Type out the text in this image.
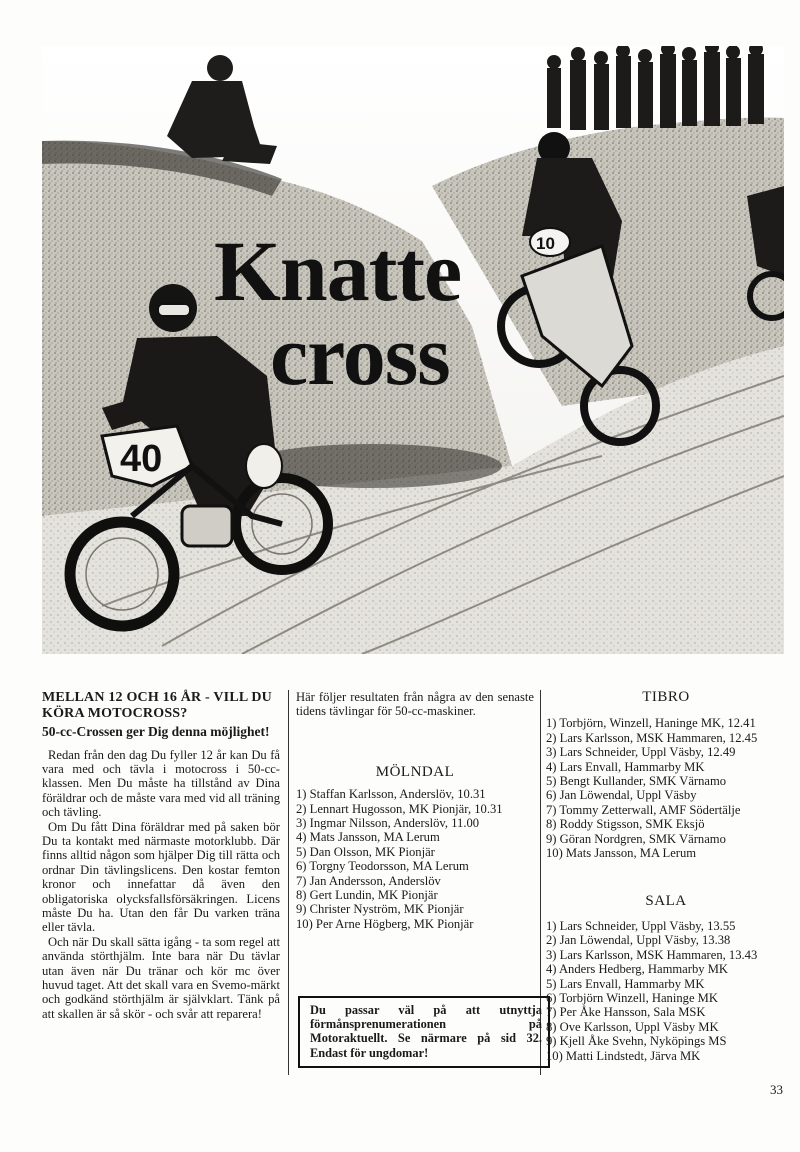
10
40
Knatte
cross
MELLAN 12 OCH 16 ÅR - VILL DU KÖRA MOTOCROSS?
50-cc-Crossen ger Dig denna möjlighet!

Redan från den dag Du fyller 12 år kan Du få vara med och tävla i motocross i 50-cc-klassen. Men Du måste ha tillstånd av Dina föräldrar och de måste vara med vid all träning och tävling.

Om Du fått Dina föräldrar med på saken bör Du ta kontakt med närmaste motorklubb. Där finns alltid någon som hjälper Dig till rätta och ordnar Din tävlingslicens. Den kostar femton kronor och innefattar då även den obligatoriska olycksfallsförsäkringen. Licens måste Du ha. Utan den får Du varken träna eller tävla.

Och när Du skall sätta igång - ta som regel att använda störthjälm. Inte bara när Du tävlar utan även när Du tränar och kör mc över huvud taget. Att det skall vara en Svemo-märkt och godkänd störthjälm är självklart. Tänk på att skallen är så skör - och svår att reparera!

Här följer resultaten från några av den senaste tidens tävlingar för 50-cc-maskiner.

MÖLNDAL

1) Staffan Karlsson, Anderslöv, 10.31
2) Lennart Hugosson, MK Pionjär, 10.31
3) Ingmar Nilsson, Anderslöv, 11.00
4) Mats Jansson, MA Lerum
5) Dan Olsson, MK Pionjär
6) Torgny Teodorsson, MA Lerum
7) Jan Andersson, Anderslöv
8) Gert Lundin, MK Pionjär
9) Christer Nyström, MK Pionjär
10) Per Arne Högberg, MK Pionjär
Du passar väl på att utnyttja förmånsprenumerationen på Motoraktuellt. Se närmare på sid 32. Endast för ungdomar!

TIBRO

1) Torbjörn, Winzell, Haninge MK, 12.41
2) Lars Karlsson, MSK Hammaren, 12.45
3) Lars Schneider, Uppl Väsby, 12.49
4) Lars Envall, Hammarby MK
5) Bengt Kullander, SMK Värnamo
6) Jan Löwendal, Uppl Väsby
7) Tommy Zetterwall, AMF Södertälje
8) Roddy Stigsson, SMK Eksjö
9) Göran Nordgren, SMK Värnamo
10) Mats Jansson, MA Lerum

SALA

1) Lars Schneider, Uppl Väsby, 13.55
2) Jan Löwendal, Uppl Väsby, 13.38
3) Lars Karlsson, MSK Hammaren, 13.43
4) Anders Hedberg, Hammarby MK
5) Lars Envall, Hammarby MK
6) Torbjörn Winzell, Haninge MK
7) Per Åke Hansson, Sala MSK
8) Ove Karlsson, Uppl Väsby MK
9) Kjell Åke Svehn, Nyköpings MS
10) Matti Lindstedt, Järva MK
33
